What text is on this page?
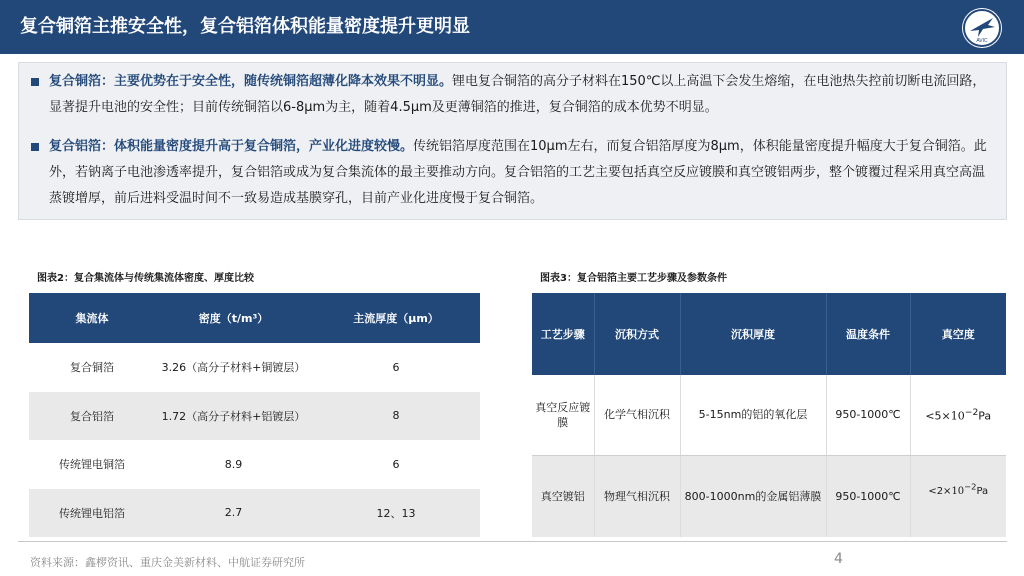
复合铜箔主推安全性，复合铝箔体积能量密度提升更明显
AVIC
复合铜箔：主要优势在于安全性，随传统铜箔超薄化降本效果不明显。锂电复合铜箔的高分子材料在150℃以上高温下会发生熔缩，在电池热失控前切断电流回路，显著提升电池的安全性；目前传统铜箔以6-8μm为主，随着4.5μm及更薄铜箔的推进，复合铜箔的成本优势不明显。
复合铝箔：体积能量密度提升高于复合铜箔，产业化进度较慢。传统铝箔厚度范围在10μm左右，而复合铝箔厚度为8μm，体积能量密度提升幅度大于复合铜箔。此外，若钠离子电池渗透率提升，复合铝箔或成为复合集流体的最主要推动方向。复合铝箔的工艺主要包括真空反应镀膜和真空镀铝两步，整个镀覆过程采用真空高温蒸镀增厚，前后进料受温时间不一致易造成基膜穿孔，目前产业化进度慢于复合铜箔。
图表2：复合集流体与传统集流体密度、厚度比较
集流体	密度（t/m³）	主流厚度（μm）
复合铜箔	3.26（高分子材料+铜镀层）	6
复合铝箔	1.72（高分子材料+铝镀层）	8
传统锂电铜箔	8.9	6
传统锂电铝箔	2.7	12、13
图表3：复合铝箔主要工艺步骤及参数条件
工艺步骤	沉积方式	沉积厚度	温度条件	真空度
真空反应镀膜	化学气相沉积	5-15nm的铝的氧化层	950-1000℃	$<5\times 10^{-2}Pa$
真空镀铝	物理气相沉积	800-1000nm的金属铝薄膜	950-1000℃	$<2\times 10^{-2}Pa$
资料来源：鑫椤资讯、重庆金美新材料、中航证券研究所	4
